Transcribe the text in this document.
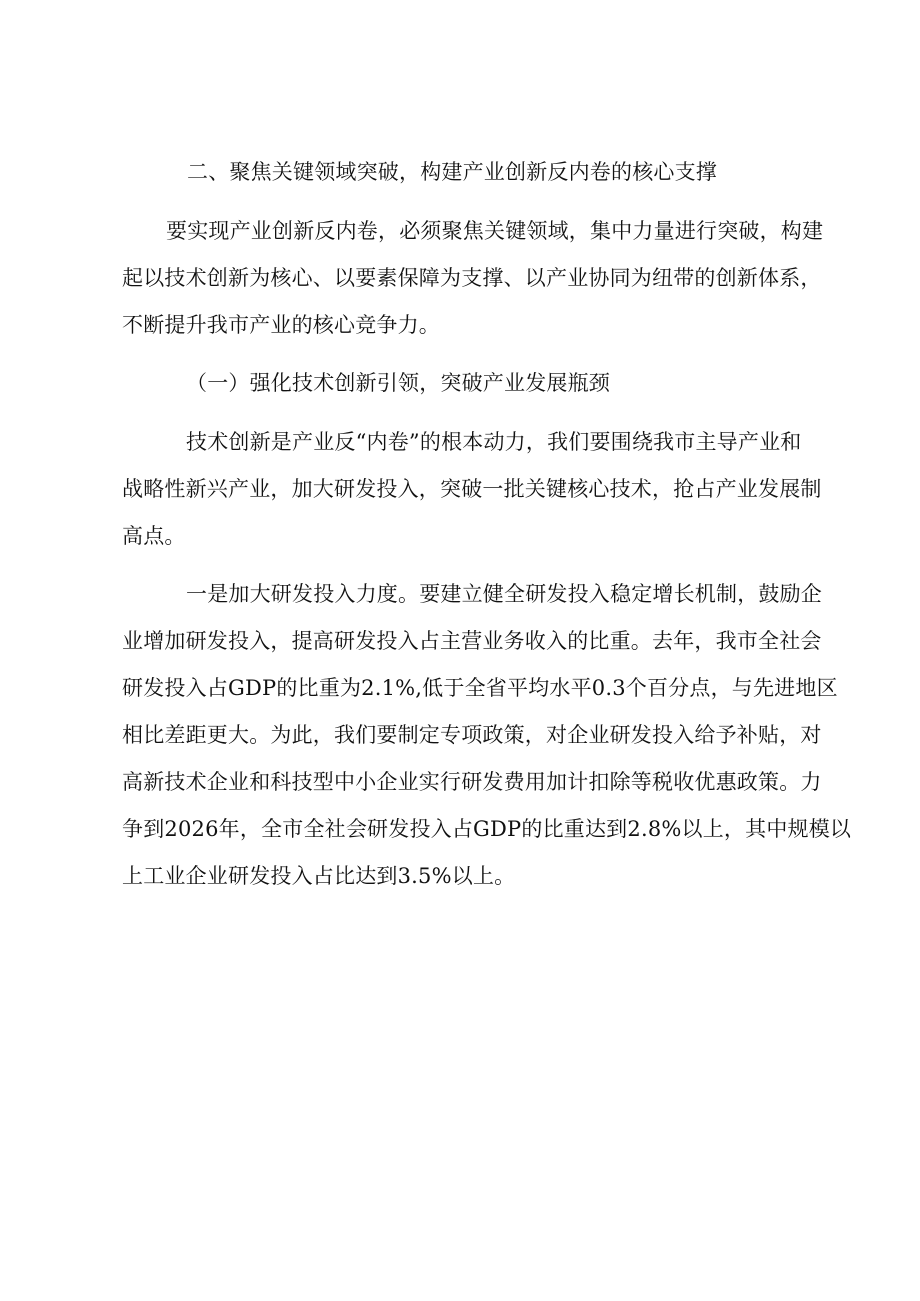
二、聚焦关键领域突破，构建产业创新反内卷的核心支撑

要实现产业创新反内卷，必须聚焦关键领域，集中力量进行突破，构建

起以技术创新为核心、以要素保障为支撑、以产业协同为纽带的创新体系，

不断提升我市产业的核心竞争力。

（一）强化技术创新引领，突破产业发展瓶颈

技术创新是产业反“内卷”的根本动力，我们要围绕我市主导产业和

战略性新兴产业，加大研发投入，突破一批关键核心技术，抢占产业发展制

高点。

一是加大研发投入力度。要建立健全研发投入稳定增长机制，鼓励企

业增加研发投入，提高研发投入占主营业务收入的比重。去年，我市全社会

研发投入占GDP的比重为2.1%,低于全省平均水平0.3个百分点，与先进地区

相比差距更大。为此，我们要制定专项政策，对企业研发投入给予补贴，对

高新技术企业和科技型中小企业实行研发费用加计扣除等税收优惠政策。力

争到2026年，全市全社会研发投入占GDP的比重达到2.8%以上，其中规模以

上工业企业研发投入占比达到3.5%以上。
